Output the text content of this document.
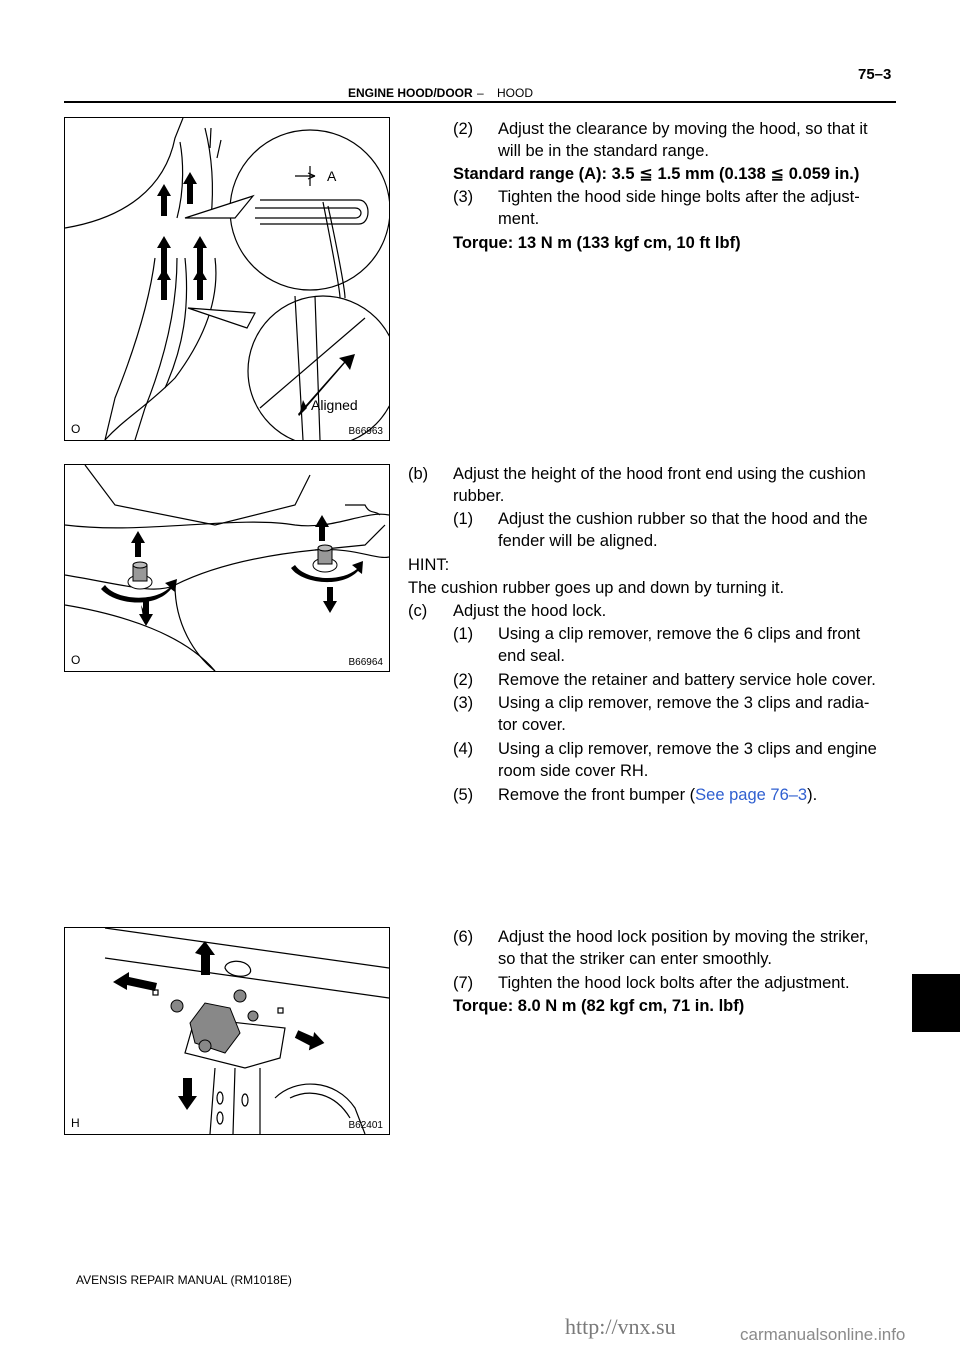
ENGINE HOOD/DOOR – HOOD
75–3
A
Aligned
O	B66963
O	B66964
H	B62401
(2) Adjust the clearance by moving the hood, so that it
will be in the standard range.
Standard range (A): 3.5 ≦ 1.5 mm (0.138 ≦ 0.059 in.)
(3) Tighten the hood side hinge bolts after the adjust-
ment.
Torque: 13 N m (133 kgf cm, 10 ft lbf)
(b) Adjust the height of the hood front end using the cushion
rubber.
(1) Adjust the cushion rubber so that the hood and the
fender will be aligned.
HINT:
The cushion rubber goes up and down by turning it.
(c) Adjust the hood lock.
(1) Using a clip remover, remove the 6 clips and front
end seal.
(2) Remove the retainer and battery service hole cover.
(3) Using a clip remover, remove the 3 clips and radia-
tor cover.
(4) Using a clip remover, remove the 3 clips and engine
room side cover RH.
(5) Remove the front bumper (See page 76–3).
(6) Adjust the hood lock position by moving the striker,
so that the striker can enter smoothly.
(7) Tighten the hood lock bolts after the adjustment.
Torque: 8.0 N m (82 kgf cm, 71 in. lbf)
AVENSIS REPAIR MANUAL (RM1018E)
http://vnx.su	carmanualsonline.info
